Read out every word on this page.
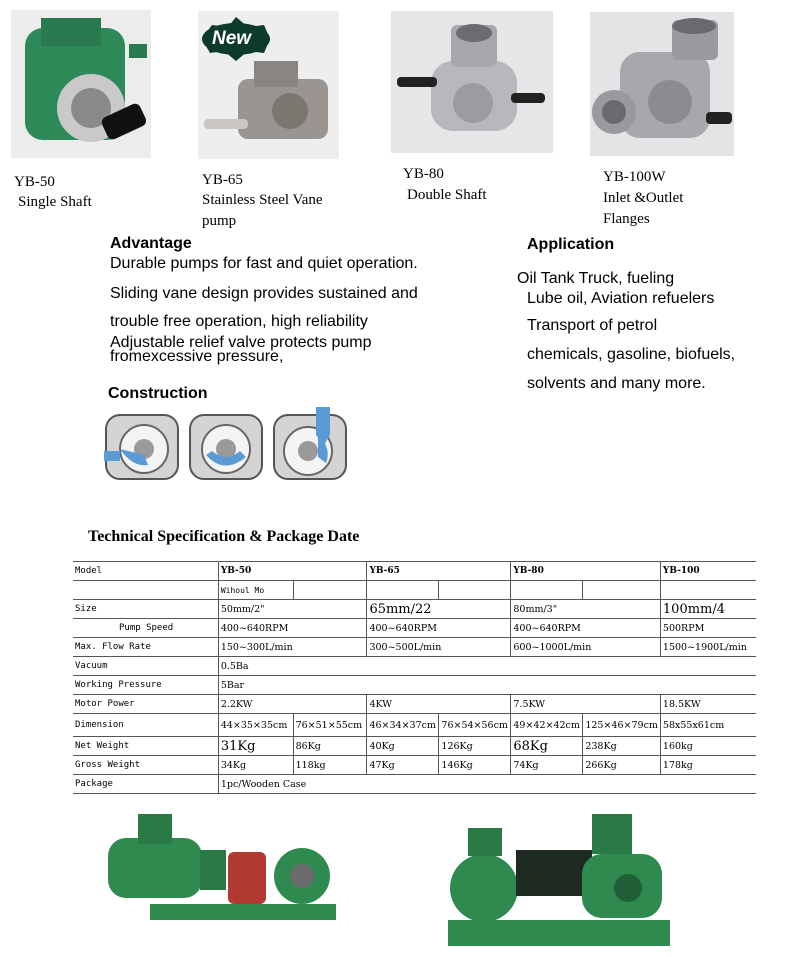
New
YB-50
Single Shaft
YB-65
Stainless Steel Vane
pump
YB-80
Double Shaft
YB-100W
Inlet &Outlet
Flanges
Advantage
Durable pumps for fast and quiet operation.
Sliding vane design provides sustained and
trouble free operation, high reliability
Adjustable relief valve protects pump
fromexcessive pressure,
Application
Oil Tank Truck, fueling
Lube oil, Aviation refuelers
Transport of petrol
chemicals, gasoline, biofuels,
solvents and many more.
Construction
Technical Specification & Package Date
Model	YB-50		YB-65		YB-80		YB-100
	Wihoul Mo						
Size	50mm/2"		65mm/22		80mm/3"		100mm/4
Pump Speed	400~640RPM		400~640RPM		400~640RPM		500RPM
Max. Flow Rate	150~300L/min		300~500L/min		600~1000L/min		1500~1900L/min
Vacuum	0.5Ba						
Working Pressure	5Bar						
Motor Power	2.2KW		4KW		7.5KW		18.5KW
Dimension	44×35×35cm	76×51×55cm	46×34×37cm	76×54×56cm	49×42×42cm	125×46×79cm	58x55x61cm
Net Weight	31Kg	86Kg	40Kg	126Kg	68Kg	238Kg	160kg
Gross Weight	34Kg	118kg	47Kg	146Kg	74Kg	266Kg	178kg
Package	1pc/Wooden Case						
